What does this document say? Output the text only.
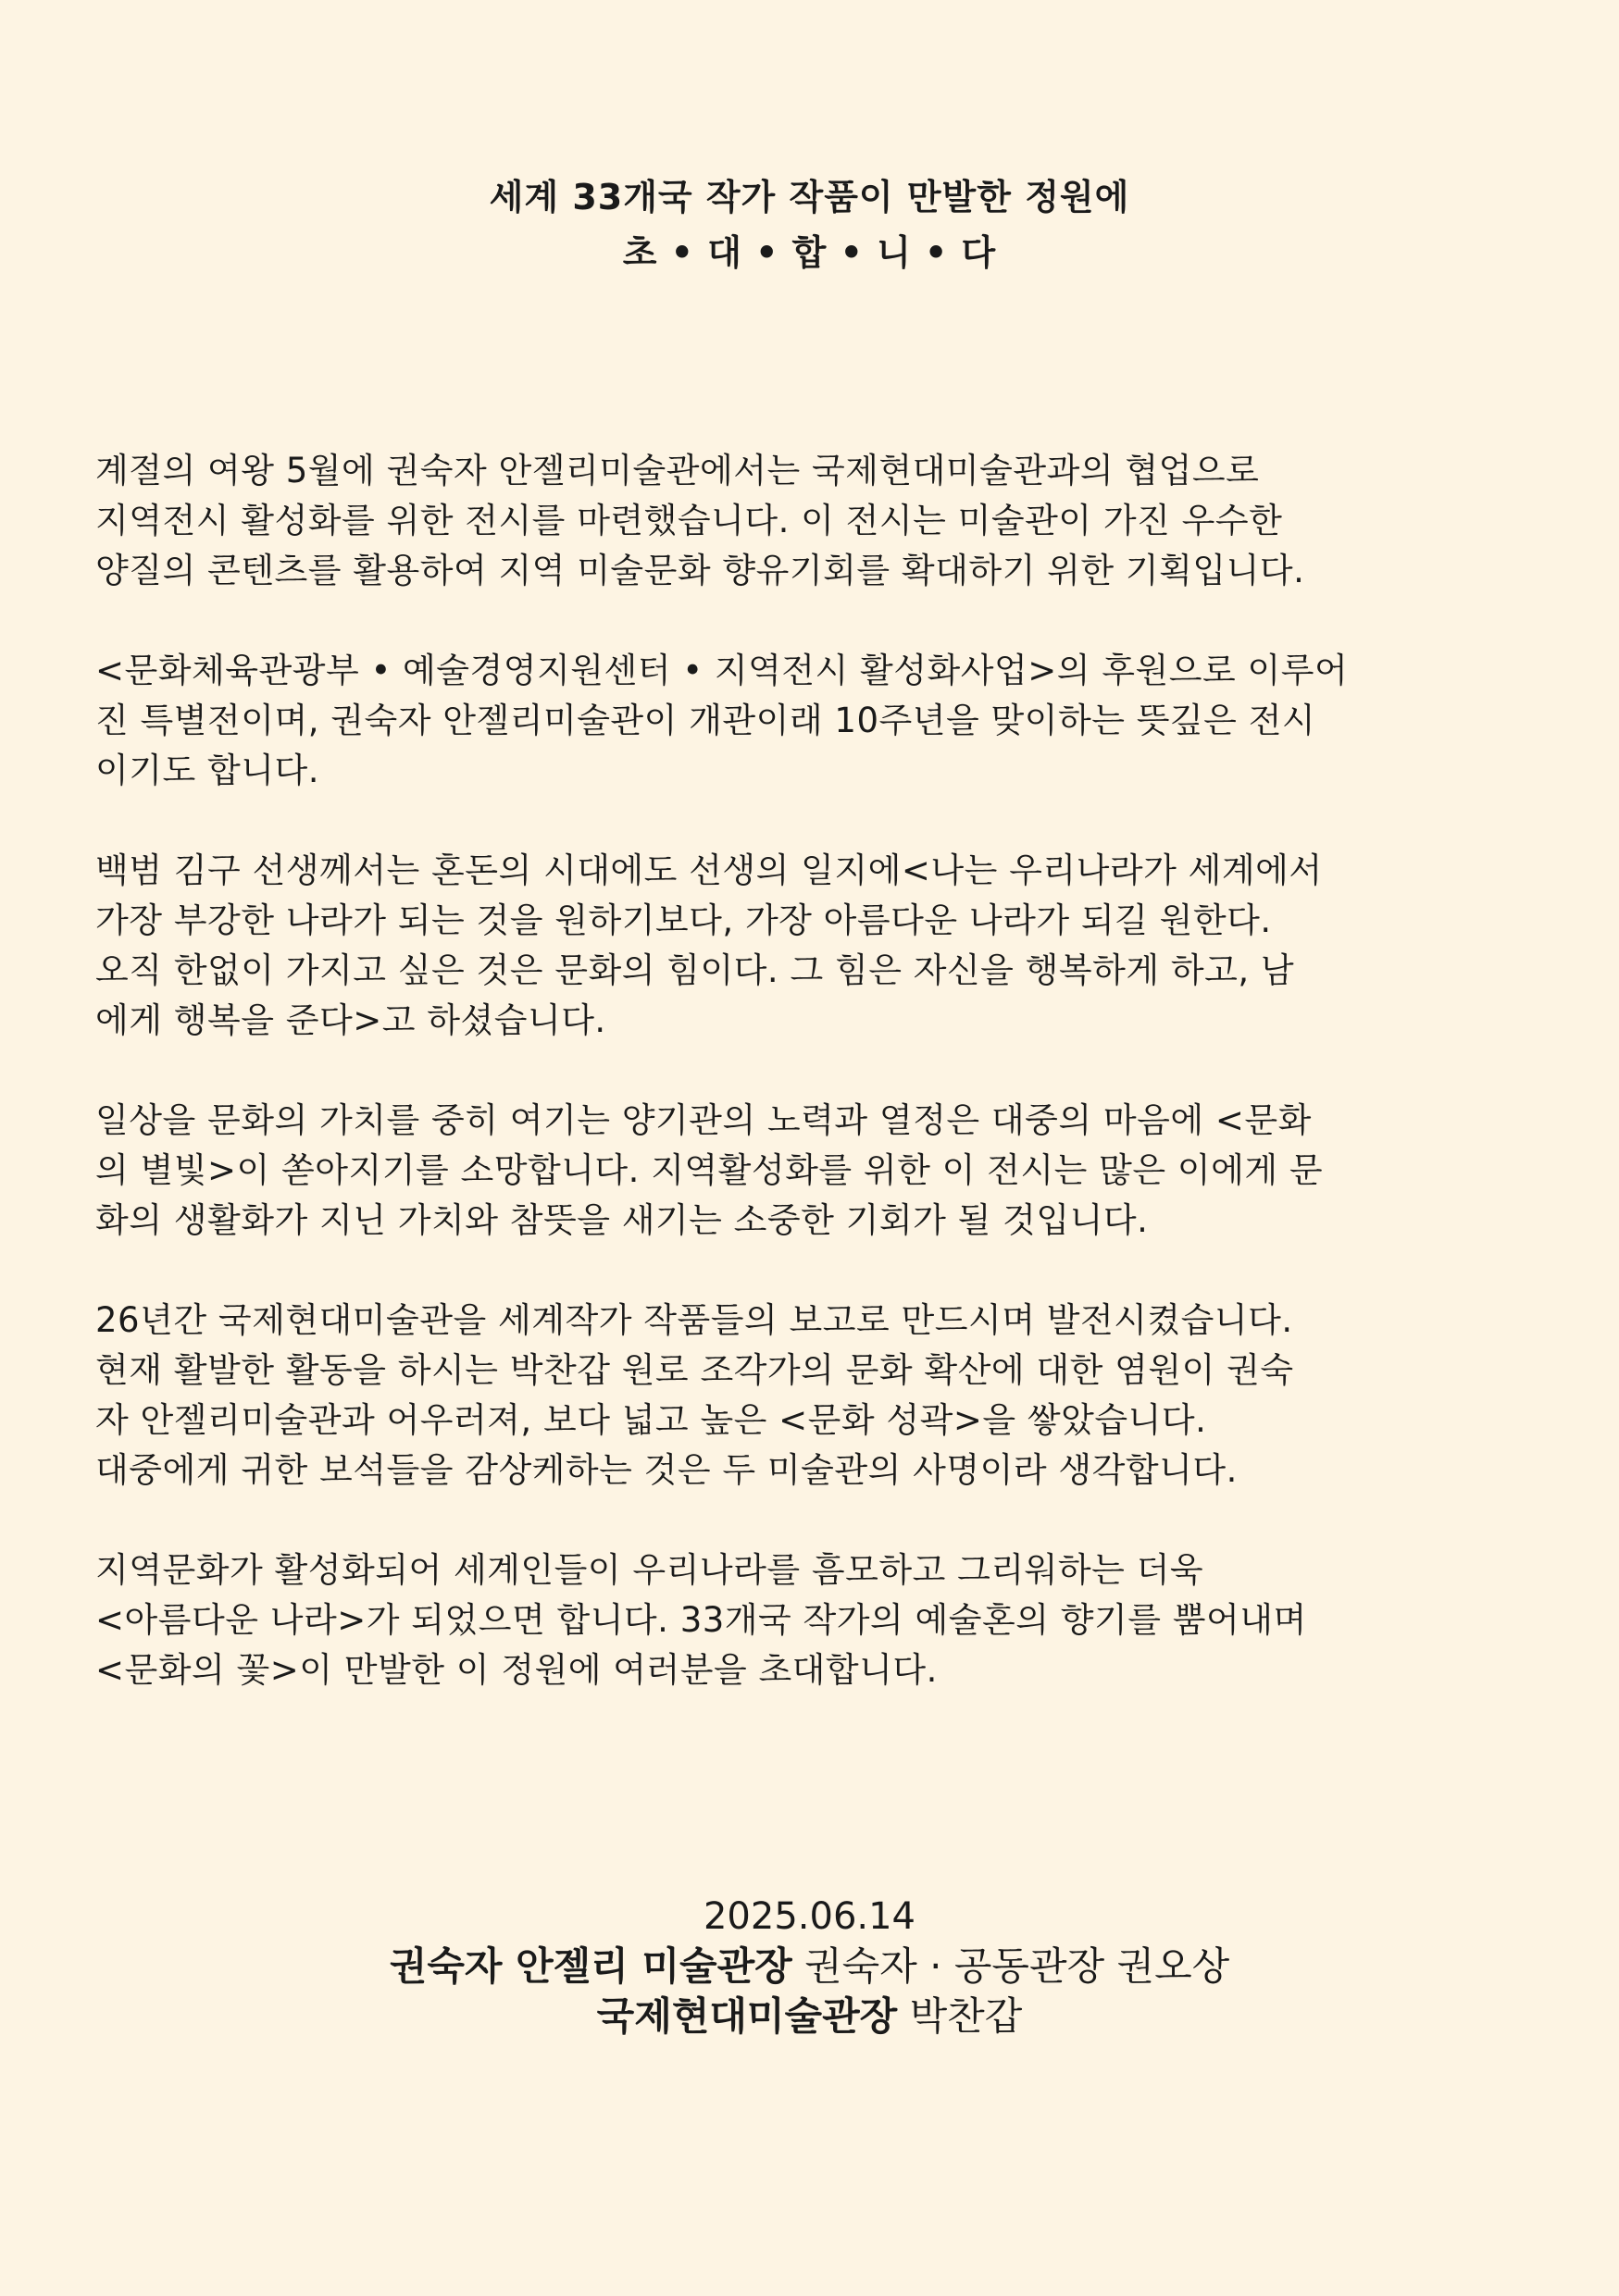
세계 33개국 작가 작품이 만발한 정원에
초 • 대 • 합 • 니 • 다
계절의 여왕 5월에 권숙자 안젤리미술관에서는 국제현대미술관과의 협업으로
지역전시 활성화를 위한 전시를 마련했습니다. 이 전시는 미술관이 가진 우수한
양질의 콘텐츠를 활용하여 지역 미술문화 향유기회를 확대하기 위한 기획입니다.
<문화체육관광부 • 예술경영지원센터 • 지역전시 활성화사업>의 후원으로 이루어
진 특별전이며, 권숙자 안젤리미술관이 개관이래 10주년을 맞이하는 뜻깊은 전시
이기도 합니다.
백범 김구 선생께서는 혼돈의 시대에도 선생의 일지에<나는 우리나라가 세계에서
가장 부강한 나라가 되는 것을 원하기보다, 가장 아름다운 나라가 되길 원한다.
오직 한없이 가지고 싶은 것은 문화의 힘이다. 그 힘은 자신을 행복하게 하고, 남
에게 행복을 준다>고 하셨습니다.
일상을 문화의 가치를 중히 여기는 양기관의 노력과 열정은 대중의 마음에 <문화
의 별빛>이 쏟아지기를 소망합니다. 지역활성화를 위한 이 전시는 많은 이에게 문
화의 생활화가 지닌 가치와 참뜻을 새기는 소중한 기회가 될 것입니다.
26년간 국제현대미술관을 세계작가 작품들의 보고로 만드시며 발전시켰습니다.
현재 활발한 활동을 하시는 박찬갑 원로 조각가의 문화 확산에 대한 염원이 권숙
자 안젤리미술관과 어우러져, 보다 넓고 높은 <문화 성곽>을 쌓았습니다.
대중에게 귀한 보석들을 감상케하는 것은 두 미술관의 사명이라 생각합니다.
지역문화가 활성화되어 세계인들이 우리나라를 흠모하고 그리워하는 더욱
<아름다운 나라>가 되었으면 합니다. 33개국 작가의 예술혼의 향기를 뿜어내며
<문화의 꽃>이 만발한 이 정원에 여러분을 초대합니다.
2025.06.14
권숙자 안젤리 미술관장 권숙자 · 공동관장 권오상
국제현대미술관장 박찬갑
